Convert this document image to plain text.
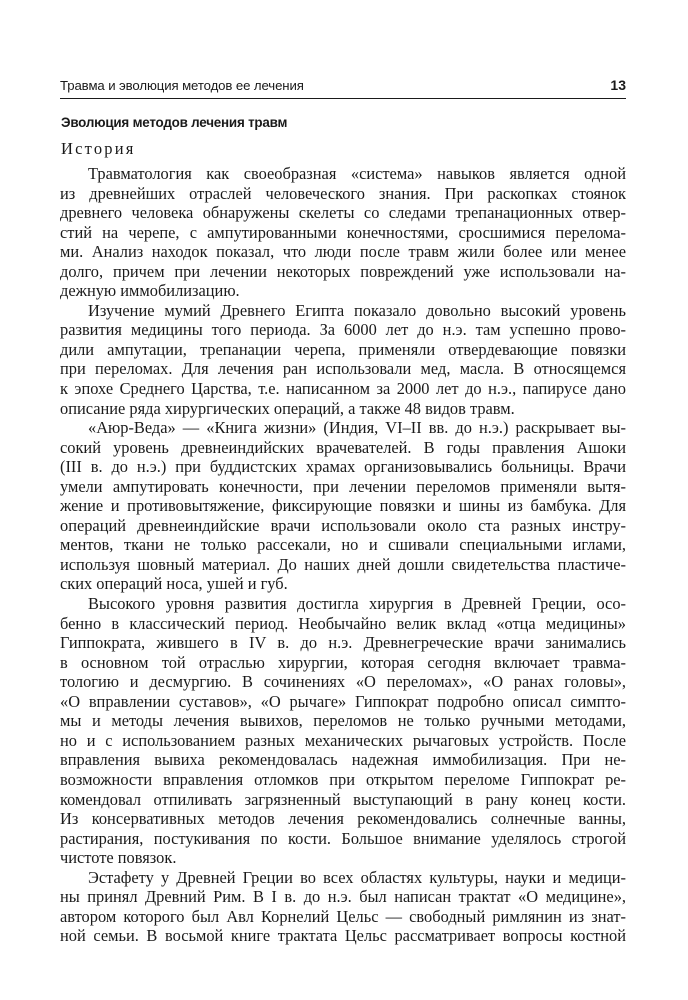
Травма и эволюция методов ее лечения	13
Эволюция методов лечения травм
История
Травматология как своеобразная «система» навыков является одной
из древнейших отраслей человеческого знания. При раскопках стоянок
древнего человека обнаружены скелеты со следами трепанационных отвер-
стий на черепе, с ампутированными конечностями, сросшимися перелома-
ми. Анализ находок показал, что люди после травм жили более или менее
долго, причем при лечении некоторых повреждений уже использовали на-
дежную иммобилизацию.
Изучение мумий Древнего Египта показало довольно высокий уровень
развития медицины того периода. За 6000 лет до н.э. там успешно прово-
дили ампутации, трепанации черепа, применяли отвердевающие повязки
при переломах. Для лечения ран использовали мед, масла. В относящемся
к эпохе Среднего Царства, т.е. написанном за 2000 лет до н.э., папирусе дано
описание ряда хирургических операций, а также 48 видов травм.
«Аюр-Веда» — «Книга жизни» (Индия, VI–II вв. до н.э.) раскрывает вы-
сокий уровень древнеиндийских врачевателей. В годы правления Ашоки
(III в. до н.э.) при буддистских храмах организовывались больницы. Врачи
умели ампутировать конечности, при лечении переломов применяли вытя-
жение и противовытяжение, фиксирующие повязки и шины из бамбука. Для
операций древнеиндийские врачи использовали около ста разных инстру-
ментов, ткани не только рассекали, но и сшивали специальными иглами,
используя шовный материал. До наших дней дошли свидетельства пластиче-
ских операций носа, ушей и губ.
Высокого уровня развития достигла хирургия в Древней Греции, осо-
бенно в классический период. Необычайно велик вклад «отца медицины»
Гиппократа, жившего в IV в. до н.э. Древнегреческие врачи занимались
в основном той отраслью хирургии, которая сегодня включает травма-
тологию и десмургию. В сочинениях «О переломах», «О ранах головы»,
«О вправлении суставов», «О рычаге» Гиппократ подробно описал симпто-
мы и методы лечения вывихов, переломов не только ручными методами,
но и с использованием разных механических рычаговых устройств. После
вправления вывиха рекомендовалась надежная иммобилизация. При не-
возможности вправления отломков при открытом переломе Гиппократ ре-
комендовал отпиливать загрязненный выступающий в рану конец кости.
Из консервативных методов лечения рекомендовались солнечные ванны,
растирания, постукивания по кости. Большое внимание уделялось строгой
чистоте повязок.
Эстафету у Древней Греции во всех областях культуры, науки и медици-
ны принял Древний Рим. В I в. до н.э. был написан трактат «О медицине»,
автором которого был Авл Корнелий Цельс — свободный римлянин из знат-
ной семьи. В восьмой книге трактата Цельс рассматривает вопросы костной
